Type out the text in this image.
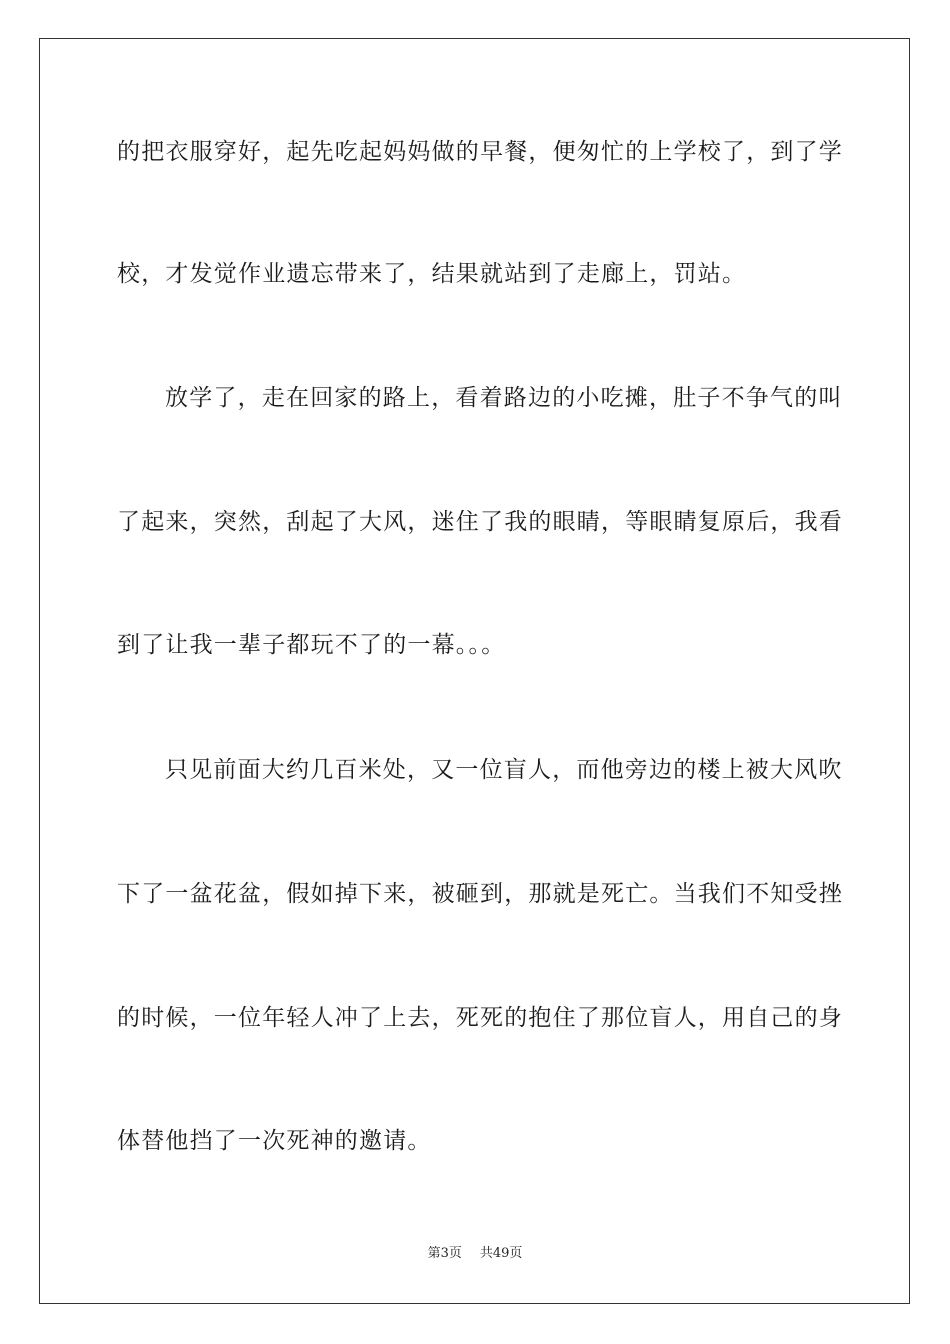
的把衣服穿好，起先吃起妈妈做的早餐，便匆忙的上学校了，到了学
校，才发觉作业遗忘带来了，结果就站到了走廊上，罚站。
放学了，走在回家的路上，看着路边的小吃摊，肚子不争气的叫
了起来，突然，刮起了大风，迷住了我的眼睛，等眼睛复原后，我看
到了让我一辈子都玩不了的一幕。。。
只见前面大约几百米处，又一位盲人，而他旁边的楼上被大风吹
下了一盆花盆，假如掉下来，被砸到，那就是死亡。当我们不知受挫
的时候，一位年轻人冲了上去，死死的抱住了那位盲人，用自己的身
体替他挡了一次死神的邀请。
第3页 共49页
